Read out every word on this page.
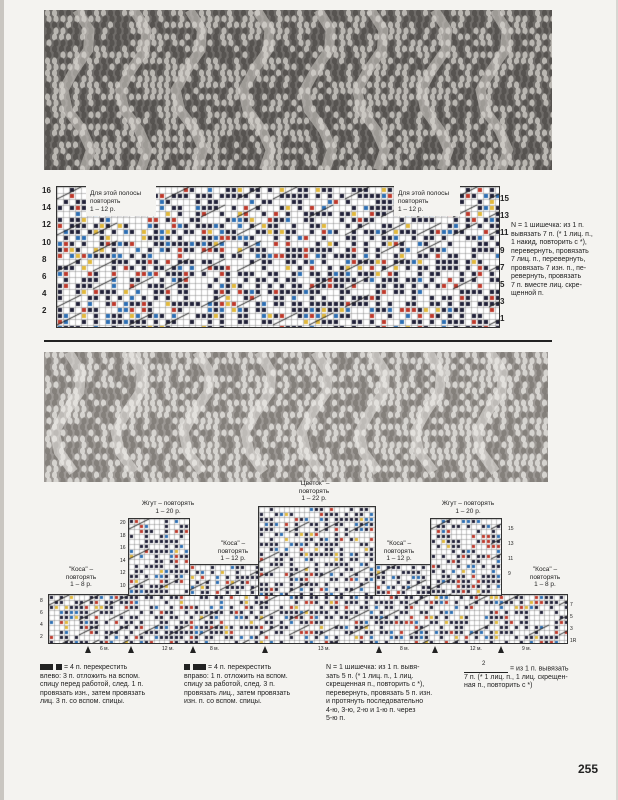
Для этой полосы
повторять
1 – 12 р.
Для этой полосы
повторять
1 – 12 р.
16
14
12
10
8
6
4
2
15
13
11
9
7
5
3
1
N = 1 шишечка: из 1 п.
вывязать 7 п. (* 1 лиц. п.,
1 накид, повторить с *),
перевернуть, провязать
7 лиц. п., перевернуть,
провязать 7 изн. п., пе-
ревернуть, провязать
7 п. вместе лиц. скре-
щенной п.
Жгут – повторять
1 – 20 р.
"Цветок" –
повторять
1 – 22 р.
Жгут – повторять
1 – 20 р.
"Коса" –
повторять
1 – 12 р.
"Коса" –
повторять
1 – 12 р.
"Коса" –
повторять
1 – 8 р.
"Коса" –
повторять
1 – 8 р.
20
18
16
14
12
10
15
13
11
9
8
6
4
2
7
5
3
1R
6 м.	12 м.	8 м.	13 м.	8 м.	12 м.	9 м.
= 4 п. перекрестить
влево: 3 п. отложить на вспом.
спицу перед работой, след. 1 п.
провязать изн., затем провязать
лиц. 3 п. со вспом. спицы.
= 4 п. перекрестить
вправо: 1 п. отложить на вспом.
спицу за работой, след. 3 п.
провязать лиц., затем провязать
изн. п. со вспом. спицы.
N = 1 шишечка: из 1 п. вывя-
зать 5 п. (* 1 лиц. п., 1 лиц.
скрещенная п., повторить с *),
перевернуть, провязать 5 п. изн.
и протянуть последовательно
4-ю, 3-ю, 2-ю и 1-ю п. через
5-ю п.
2
= из 1 п. вывязать
7 п. (* 1 лиц. п., 1 лиц. скрещен-
ная п., повторить с *)
255
